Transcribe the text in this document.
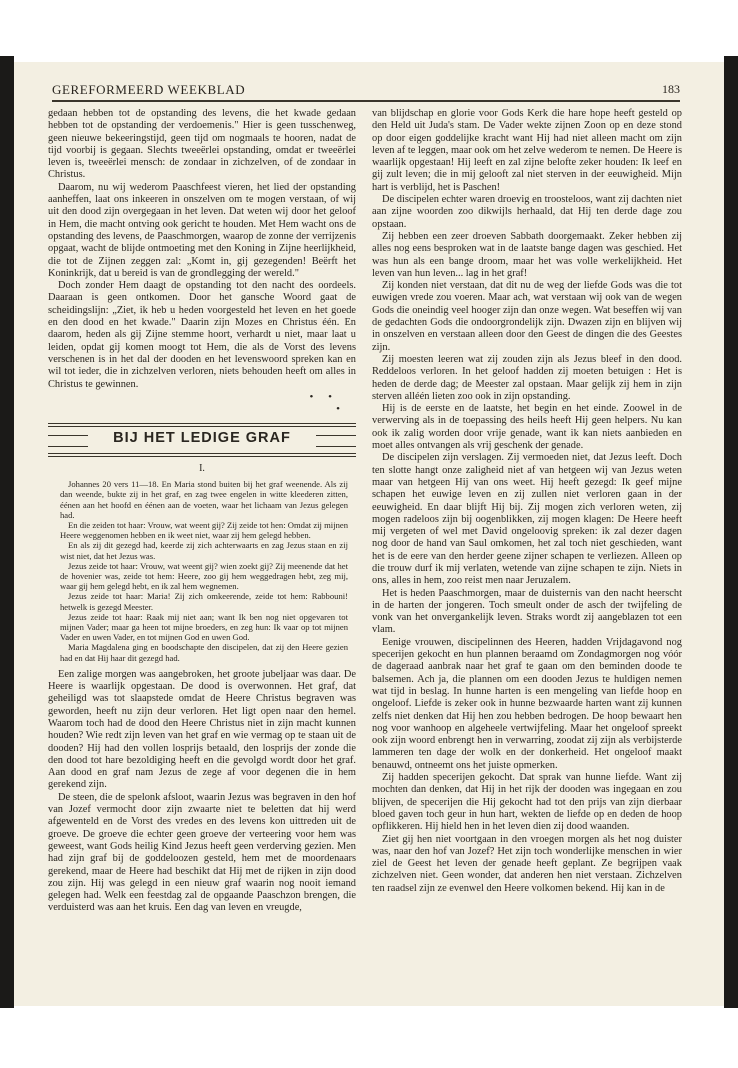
GEREFORMEERD WEEKBLAD	183

gedaan hebben tot de opstanding des levens, die het kwade gedaan hebben tot de opstanding der verdoemenis." Hier is geen tusschenweg, geen nieuwe bekeeringstijd, geen tijd om nogmaals te hooren, nadat de tijd voorbij is gegaan. Slechts tweeërlei opstanding, omdat er tweeërlei leven is, tweeërlei mensch: de zondaar in zichzelven, of de zondaar in Christus.

Daarom, nu wij wederom Paaschfeest vieren, het lied der opstanding aanheffen, laat ons inkeeren in onszelven om te mogen verstaan, of wij uit den dood zijn overgegaan in het leven. Dat weten wij door het geloof in Hem, die macht ontving ook gericht te houden. Met Hem wacht ons de opstanding des levens, de Paaschmorgen, waarop de zonne der verrijzenis opgaat, wacht de blijde ontmoeting met den Koning in Zijne heerlijkheid, die tot de Zijnen zeggen zal: „Komt in, gij gezegenden! Beërft het Koninkrijk, dat u bereid is van de grondlegging der wereld."

Doch zonder Hem daagt de opstanding tot den nacht des oordeels. Daaraan is geen ontkomen. Door het gansche Woord gaat de scheidingslijn: „Ziet, ik heb u heden voorgesteld het leven en het goede en den dood en het kwade." Daarin zijn Mozes en Christus één. En daarom, heden als gij Zijne stemme hoort, verhardt u niet, maar laat u leiden, opdat gij komen moogt tot Hem, die als de Vorst des levens verschenen is in het dal der dooden en het levenswoord spreken kan en wil tot ieder, die in zichzelven verloren, niets behouden heeft om alles in Christus te gewinnen.

• •

•

BIJ HET LEDIGE GRAF
I.

Johannes 20 vers 11—18. En Maria stond buiten bij het graf weenende. Als zij dan weende, bukte zij in het graf, en zag twee engelen in witte kleederen zitten, éénen aan het hoofd en éénen aan de voeten, waar het lichaam van Jezus gelegen had.

En die zeiden tot haar: Vrouw, wat weent gij? Zij zeide tot hen: Omdat zij mijnen Heere weggenomen hebben en ik weet niet, waar zij hem gelegd hebben.

En als zij dit gezegd had, keerde zij zich achterwaarts en zag Jezus staan en zij wist niet, dat het Jezus was.

Jezus zeide tot haar: Vrouw, wat weent gij? wien zoekt gij? Zij meenende dat het de hovenier was, zeide tot hem: Heere, zoo gij hem weggedragen hebt, zeg mij, waar gij hem gelegd hebt, en ik zal hem wegnemen.

Jezus zeide tot haar: Maria! Zij zich omkeerende, zeide tot hem: Rabbouni! hetwelk is gezegd Meester.

Jezus zeide tot haar: Raak mij niet aan; want Ik ben nog niet opgevaren tot mijnen Vader; maar ga heen tot mijne broeders, en zeg hun: Ik vaar op tot mijnen Vader en uwen Vader, en tot mijnen God en uwen God.

Maria Magdalena ging en boodschapte den discipelen, dat zij den Heere gezien had en dat Hij haar dit gezegd had.

Een zalige morgen was aangebroken, het groote jubeljaar was daar. De Heere is waarlijk opgestaan. De dood is overwonnen. Het graf, dat geheiligd was tot slaapstede omdat de Heere Christus begraven was geworden, heeft nu zijn deur verloren. Het ligt open naar den hemel. Waarom toch had de dood den Heere Christus niet in zijn macht kunnen houden? Wie redt zijn leven van het graf en wie vermag op te staan uit de dooden? Hij had den vollen losprijs betaald, den losprijs der zonde die den dood tot hare bezoldiging heeft en die gevolgd wordt door het graf. Aan dood en graf nam Jezus de zege af voor degenen die in hem gerekend zijn.

De steen, die de spelonk afsloot, waarin Jezus was begraven in den hof van Jozef vermocht door zijn zwaarte niet te beletten dat hij werd afgewenteld en de Vorst des vredes en des levens kon uittreden uit de groeve. De groeve die echter geen groeve der verteering voor hem was geweest, want Gods heilig Kind Jezus heeft geen verderving gezien. Men had zijn graf bij de goddeloozen gesteld, hem met de moordenaars gerekend, maar de Heere had beschikt dat Hij met de rijken in zijn dood zou zijn. Hij was gelegd in een nieuw graf waarin nog nooit iemand gelegen had. Welk een feestdag zal de opgaande Paaschzon brengen, die verduisterd was aan het kruis. Een dag van leven en vreugde,

van blijdschap en glorie voor Gods Kerk die hare hope heeft gesteld op den Held uit Juda's stam. De Vader wekte zijnen Zoon op en deze stond op door eigen goddelijke kracht want Hij had niet alleen macht om zijn leven af te leggen, maar ook om het zelve wederom te nemen. De Heere is waarlijk opgestaan! Hij leeft en zal zijne belofte zeker houden: Ik leef en gij zult leven; die in mij gelooft zal niet sterven in der eeuwigheid. Mijn hart is verblijd, het is Paschen!

De discipelen echter waren droevig en troosteloos, want zij dachten niet aan zijne woorden zoo dikwijls herhaald, dat Hij ten derde dage zou opstaan.

Zij hebben een zeer droeven Sabbath doorgemaakt. Zeker hebben zij alles nog eens besproken wat in de laatste bange dagen was geschied. Het was hun als een bange droom, maar het was volle werkelijkheid. Het leven van hun leven... lag in het graf!

Zij konden niet verstaan, dat dit nu de weg der liefde Gods was die tot euwigen vrede zou voeren. Maar ach, wat verstaan wij ook van de wegen Gods die oneindig veel hooger zijn dan onze wegen. Wat beseffen wij van de gedachten Gods die ondoorgrondelijk zijn. Dwazen zijn en blijven wij in onszelven en verstaan alleen door den Geest de dingen die des Geestes zijn.

Zij moesten leeren wat zij zouden zijn als Jezus bleef in den dood. Reddeloos verloren. In het geloof hadden zij moeten betuigen : Het is heden de derde dag; de Meester zal opstaan. Maar gelijk zij hem in zijn sterven alléén lieten zoo ook in zijn opstanding.

Hij is de eerste en de laatste, het begin en het einde. Zoowel in de verwerving als in de toepassing des heils heeft Hij geen helpers. Nu kan ook ik zalig worden door vrije genade, want ik kan niets aanbieden en moet alles ontvangen als vrij geschenk der genade.

De discipelen zijn verslagen. Zij vermoeden niet, dat Jezus leeft. Doch ten slotte hangt onze zaligheid niet af van hetgeen wij van Jezus weten maar van hetgeen Hij van ons weet. Hij heeft gezegd: Ik geef mijne schapen het euwige leven en zij zullen niet verloren gaan in der eeuwigheid. En daar blijft Hij bij. Zij mogen zich verloren weten, zij mogen radeloos zijn bij oogenblikken, zij mogen klagen: De Heere heeft mij vergeten of wel met David ongeloovig spreken: ik zal dezer dagen nog door de hand van Saul omkomen, het zal toch niet geschieden, want het is de eere van den herder geene zijner schapen te verliezen. Alleen op die trouw durf ik mij verlaten, wetende van zijne schapen te zijn. Niets in ons, alles in hem, zoo reist men naar Jeruzalem.

Het is heden Paaschmorgen, maar de duisternis van den nacht heerscht in de harten der jongeren. Toch smeult onder de asch der twijfeling de vonk van het onvergankelijk leven. Straks wordt zij aangeblazen tot een vlam.

Eenige vrouwen, discipelinnen des Heeren, hadden Vrijdagavond nog specerijen gekocht en hun plannen beraamd om Zondagmorgen nog vóór de dageraad aanbrak naar het graf te gaan om den beminden doode te balsemen. Ach ja, die plannen om een dooden Jezus te huldigen nemen wat tijd in beslag. In hunne harten is een mengeling van liefde hoop en ongeloof. Liefde is zeker ook in hunne bezwaarde harten want zij kunnen zelfs niet denken dat Hij hen zou hebben bedrogen. De hoop bewaart hen nog voor wanhoop en algeheele vertwijfeling. Maar het ongeloof spreekt ook zijn woord enbrengt hen in verwarring, zoodat zij zijn als verbijsterde lammeren ten dage der wolk en der donkerheid. Het ongeloof maakt benauwd, ontneemt ons het juiste opmerken.

Zij hadden specerijen gekocht. Dat sprak van hunne liefde. Want zij mochten dan denken, dat Hij in het rijk der dooden was ingegaan en zou blijven, de specerijen die Hij gekocht had tot den prijs van zijn dierbaar bloed gaven toch geur in hun hart, wekten de liefde op en deden de hoop opflikkeren. Hij hield hen in het leven dien zij dood waanden.

Ziet gij hen niet voortgaan in den vroegen morgen als het nog duister was, naar den hof van Jozef? Het zijn toch wonderlijke menschen in wier ziel de Geest het leven der genade heeft geplant. Ze begrijpen vaak zichzelven niet. Geen wonder, dat anderen hen niet verstaan. Zichzelven ten raadsel zijn ze evenwel den Heere volkomen bekend. Hij kan in de
